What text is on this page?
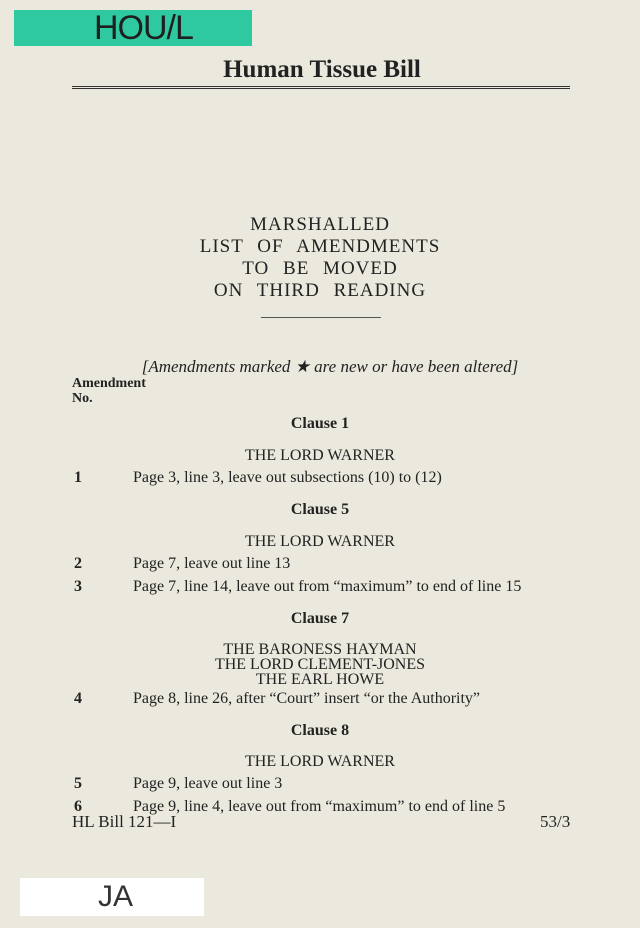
HOU/L
Human Tissue Bill
MARSHALLED
LIST OF AMENDMENTS
TO BE MOVED
ON THIRD READING
[Amendments marked ★ are new or have been altered]
Amendment
No.
Clause 1
THE LORD WARNER
1	Page 3, line 3, leave out subsections (10) to (12)
Clause 5
THE LORD WARNER
2	Page 7, leave out line 13
3	Page 7, line 14, leave out from “maximum” to end of line 15
Clause 7
THE BARONESS HAYMAN
THE LORD CLEMENT-JONES
THE EARL HOWE
4	Page 8, line 26, after “Court” insert “or the Authority”
Clause 8
THE LORD WARNER
5	Page 9, leave out line 3
6	Page 9, line 4, leave out from “maximum” to end of line 5
HL Bill 121—I	53/3
JA
